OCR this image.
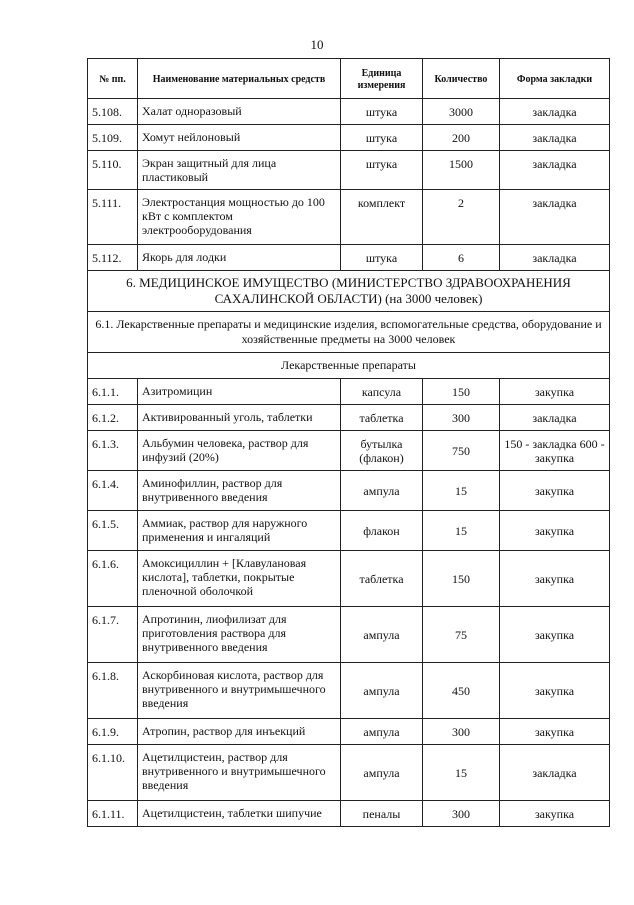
10
№ пп.	Наименование материальных средств	Единица измерения	Количество	Форма закладки
5.108.	Халат одноразовый	штука	3000	закладка
5.109.	Хомут нейлоновый	штука	200	закладка
5.110.	Экран защитный для лица пластиковый	штука	1500	закладка
5.111.	Электростанция мощностью до 100 кВт с комплектом электрооборудования	комплект	2	закладка
5.112.	Якорь для лодки	штука	6	закладка
6. МЕДИЦИНСКОЕ ИМУЩЕСТВО (МИНИСТЕРСТВО ЗДРАВООХРАНЕНИЯ САХАЛИНСКОЙ ОБЛАСТИ) (на 3000 человек)				
6.1. Лекарственные препараты и медицинские изделия, вспомогательные средства, оборудование и хозяйственные предметы на 3000 человек				
Лекарственные препараты				
6.1.1.	Азитромицин	капсула	150	закупка
6.1.2.	Активированный уголь, таблетки	таблетка	300	закладка
6.1.3.	Альбумин человека, раствор для инфузий (20%)	бутылка (флакон)	750	150 - закладка 600 - закупка
6.1.4.	Аминофиллин, раствор для внутривенного введения	ампула	15	закупка
6.1.5.	Аммиак, раствор для наружного применения и ингаляций	флакон	15	закупка
6.1.6.	Амоксициллин + [Клавулановая кислота], таблетки, покрытые пленочной оболочкой	таблетка	150	закупка
6.1.7.	Апротинин, лиофилизат для приготовления раствора для внутривенного введения	ампула	75	закупка
6.1.8.	Аскорбиновая кислота, раствор для внутривенного и внутримышечного введения	ампула	450	закупка
6.1.9.	Атропин, раствор для инъекций	ампула	300	закупка
6.1.10.	Ацетилцистеин, раствор для внутривенного и внутримышечного введения	ампула	15	закладка
6.1.11.	Ацетилцистеин, таблетки шипучие	пеналы	300	закупка
